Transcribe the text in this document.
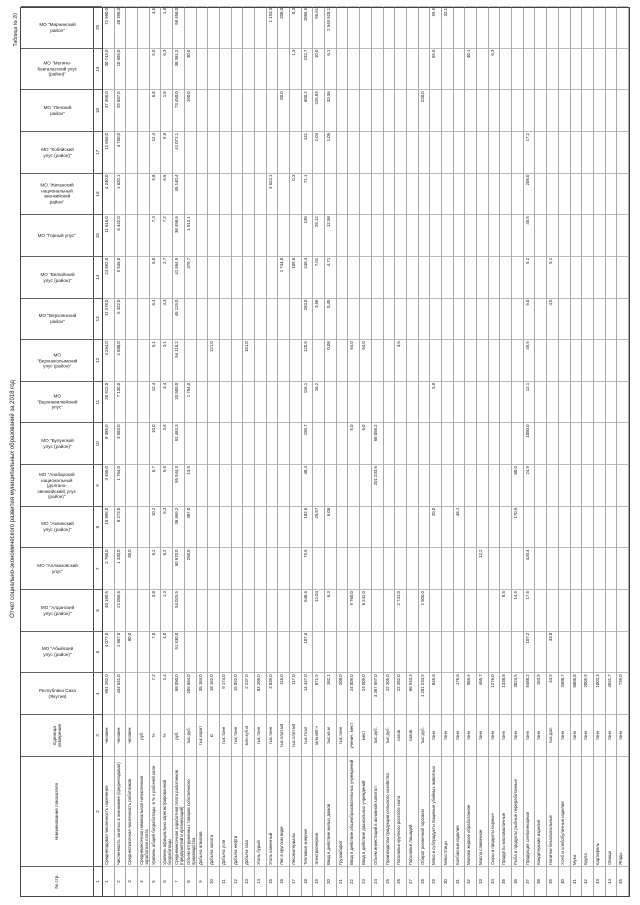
Отчет социально-экономического развития муниципальных образований за 2018 год
Таблица № 20
№ стр.
Наименование показателя
Единица измерения
Республика Саха (Якутия)
МО "Абыйский улус (район)"
МО "Алданский улус (район)"
МО "Аллаиховский улус"
МО "Амгинский улус (район)"
МО "Анабарский национальный (долгано-эвенкийский) улус (район)"
МО "Булунский улус (район)"
МО "Верхневилюйский улус"
МО "Верхнеколымский улус (район)"
МО "Верхоянский район"
МО "Вилюйский улус (район)"
МО "Горный улус"
МО "Жиганский национальный эвенкийский район"
МО "Кобяйский улус (район)"
МО "Ленский район"
МО "Мегино-Кангаласский улус (район)"
МО "Мирнинский район"
1
2
3
4
5
6
7
8
9
10
11
12
13
14
15
16
17
18
19
20
1
Среднегодовая численность населения
человек
961 262,0
4 077,0
40 160,5
2 760,0
16 896,0
3 465,0
8 385,0
20 912,0
4 254,0
11 378,0
24 892,0
11 616,0
4 240,0
12 655,0
37 466,0
30 743,0
72 560,0
2
Численность занятых в экономике (среднегодовая)
человек
434 641,0
1 667,0
21 066,6
1 330,0
8 273,0
1 764,0
3 583,0
7 130,0
2 688,0
5 322,0
9 546,0
6 442,0
1 820,1
4 750,0
29 687,0
10 698,0
48 396,0
3
Среднесписочная численность работников
человек
80,0
30,0
4
Среднемесячная номинальная начисленная заработная плата
руб.
5
Уровень общей безработицы, в % к рабочей силе
%
7,2
7,0
3,8
6,2
10,2
6,7
10,0
12,4
5,1
6,4
6,0
7,3
9,8
12,4
6,8
5,0
4,5
6
Уровень официально зарегистрированной безработицы
%
2,4
4,0
1,3
6,2
6,3
5,6
3,6
3,4
3,1
4,3
2,7
7,2
6,6
9,8
1,8
6,3
1,8
7
Среднемесячная заработная плата работников (предприятий и организаций)
руб.
68 050,0
51 930,0
54 025,5
60 670,0
36 659,2
95 944,3
92 483,3
33 509,0
54 118,2
45 129,0
41 654,9
38 498,6
45 140,4
41 071,1
73 450,0
38 361,2
98 458,0
8
Объем отгруженных товаров собственного производства
тыс.руб.
209 664,0
250,0
387,0
13,5
1 784,0
379,7
1 512,1
190,0
30,0
9
Добыча алмазов
тыс.карат
35 184,0
10
Добыча золота
кг
18 162,0
121,0
11
Добыча угля
тыс.тонн
9 174,0
12
Добыча нефти
тыс.тонн
15 092,0
13
Добыча газа
млн.куб.м
2 237,0
161,0
14
Уголь бурый
тыс.тонн
83 206,0
15
Уголь каменный
тыс.тонн
3 839,0
3 624,1
1 193,3
16
Лес в круглом виде
тыс.плот.м3
116,0
1 744,0
80,0
208,0
17
Лесоматериалы
тыс.плот.м3
117,0
109,6
0,3
1,3
0,3
18
Тепловая энергия
тыс.Гкал
14 447,0
107,6
648,6
79,6
182,6
48,4
150,7
116,1
120,6
283,0
246,4
135
71,1
141
600,2
232,7
1869,5
19
Электроэнергия
млн.кВт.ч
871,5
12,04
25,57
18,2
3,56
7,01
28,12
2,04
225,63
10,0
96,61
20
Ввод в действие жилых домов
тыс.кв.м
182,1
6,3
6,06
0,08
0,45
4,71
12,58
1,05
33,36
6,1
2 549 528,1
21
Грузооборот
тыс.тонн
208,0
22
Ввод в действие общеобразовательных учреждений
ученич. мест
24 009,0
9 760,0
6,0
64,0
23
Ввод в действие дошкольных учреждений
мест
24 009,0
6 242,0
6,0
64,0
24
Объем инвестиций в основной капитал
тыс.руб.
3 367 667,0
201 233,6
68 058,2
25
Производство продукции сельского хозяйства
тыс.руб.
22 205,0
26
Поголовье крупного рогатого скота
голов
22 282,0
2 741,0
3,6
27
Поголовье лошадей
голов
66 943,3
28
Оборот розничной торговли
тыс.руб.
1 201 234,9
1 506,0
238,0
29
Мясо и субпродукты пищевые убойных животных
тонн
845,6
20,0
5,0
59,5
99,9
30
Мясо птицы
тонн
32,1
31
Колбасные изделия
тонн
176,6
46,1
32
Молоко жидкое обработанное
тонн
586,9
40,1
33
Масло сливочное
тонн
465,7
12,2
34
Сыры и продукты сырные
тонн
1276,0
6,3
35
Продукты кисломолочные
тонн
1338,8
8,6
36
Рыба и продукты рыбные переработанные
тонн
3023,5
14,9
170,6
80,0
37
Продукция хлебопекарная
тонн
5488,2
107,2
17,6
420,4
24,9
1050,0
12,1
45,5
5,0
5,2
45,5
206,0
17,2
38
Кондитерские изделия
тонн
183,9
39
Напитки безалкогольные
тыс.дал
44,9
33,0
4,5
5,1
40
Хлеб и хлебобулочные изделия
тонн
3388,7
41
Мука
тонн
6806,8
42
Крупа
тонн
2005,9
43
Картофель
тонн
1003,3
44
Овощи
тонн
4531,7
45
Ягоды
тонн
739,0
